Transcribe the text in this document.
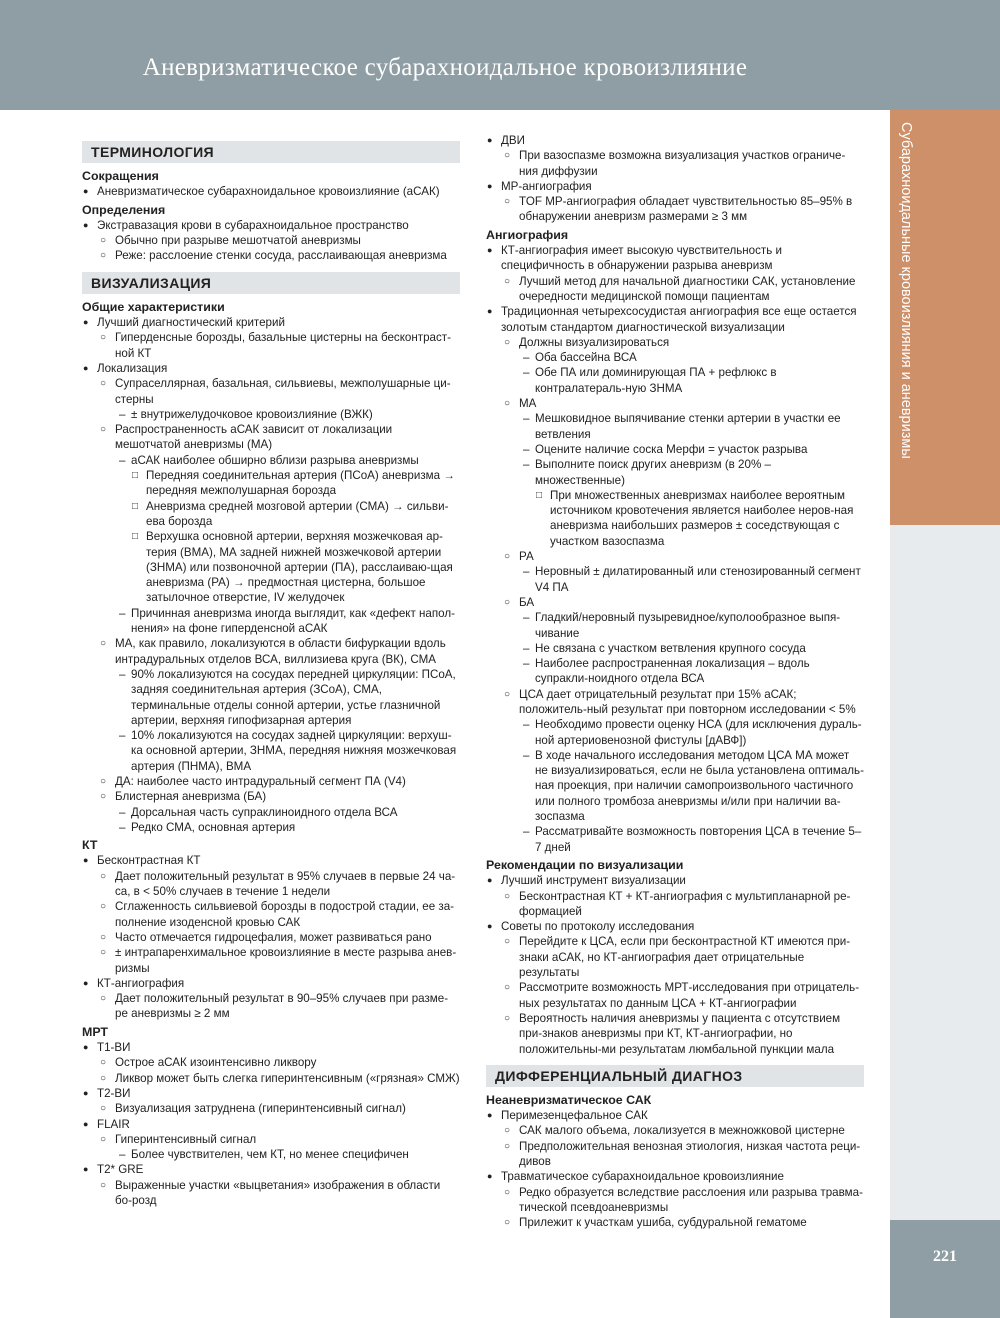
Аневризматическое субарахноидальное кровоизлияние
Субарахноидальные кровоизлияния и аневризмы
221
ТЕРМИНОЛОГИЯ
Сокращения
● Аневризматическое субарахноидальное кровоизлияние (аСАК)
Определения
● Экстравазация крови в субарахноидальное пространство
○ Обычно при разрыве мешотчатой аневризмы
○ Реже: расслоение стенки сосуда, расслаивающая аневризма
ВИЗУАЛИЗАЦИЯ
Общие характеристики
● Лучший диагностический критерий
○ Гиперденсные борозды, базальные цистерны на бесконтраст-ной КТ
● Локализация
○ Супраселлярная, базальная, сильвиевы, межполушарные ци-стерны
– ± внутрижелудочковое кровоизлияние (ВЖК)
○ Распространенность аСАК зависит от локализации мешотчатой аневризмы (МА)
– аСАК наиболее обширно вблизи разрыва аневризмы
□ Передняя соединительная артерия (ПСоА) аневризма → передняя межполушарная борозда
□ Аневризма средней мозговой артерии (СМА) → сильви-ева борозда
□ Верхушка основной артерии, верхняя мозжечковая ар-терия (ВМА), МА задней нижней мозжечковой артерии (ЗНМА) или позвоночной артерии (ПА), расслаиваю-щая аневризма (РА) → предмостная цистерна, большое затылочное отверстие, IV желудочек
– Причинная аневризма иногда выглядит, как «дефект напол-нения» на фоне гиперденсной аСАК
○ МА, как правило, локализуются в области бифуркации вдоль интрадуральных отделов ВСА, виллизиева круга (ВК), СМА
– 90% локализуются на сосудах передней циркуляции: ПСоА, задняя соединительная артерия (ЗСоА), СМА, терминальные отделы сонной артерии, устье глазничной артерии, верхняя гипофизарная артерия
– 10% локализуются на сосудах задней циркуляции: верхуш-ка основной артерии, ЗНМА, передняя нижняя мозжечковая артерия (ПНМА), ВМА
○ ДА: наиболее часто интрадуральный сегмент ПА (V4)
○ Блистерная аневризма (БА)
– Дорсальная часть супраклиноидного отдела ВСА
– Редко СМА, основная артерия
КТ
● Бесконтрастная КТ
○ Дает положительный результат в 95% случаев в первые 24 ча-са, в < 50% случаев в течение 1 недели
○ Сглаженность сильвиевой борозды в подострой стадии, ее за-полнение изоденсной кровью САК
○ Часто отмечается гидроцефалия, может развиваться рано
○ ± интрапаренхимальное кровоизлияние в месте разрыва анев-ризмы
● КТ-ангиография
○ Дает положительный результат в 90–95% случаев при разме-ре аневризмы ≥ 2 мм
МРТ
● Т1-ВИ
○ Острое аСАК изоинтенсивно ликвору
○ Ликвор может быть слегка гиперинтенсивным («грязная» СМЖ)
● Т2-ВИ
○ Визуализация затруднена (гиперинтенсивный сигнал)
● FLAIR
○ Гиперинтенсивный сигнал
– Более чувствителен, чем КТ, но менее специфичен
● Т2* GRE
○ Выраженные участки «выцветания» изображения в области бо-розд
● ДВИ
○ При вазоспазме возможна визуализация участков ограниче-ния диффузии
● МР-ангиография
○ TOF МР-ангиография обладает чувствительностью 85–95% в обнаружении аневризм размерами ≥ 3 мм
Ангиография
● КТ-ангиография имеет высокую чувствительность и специфичность в обнаружении разрыва аневризм
○ Лучший метод для начальной диагностики САК, установление очередности медицинской помощи пациентам
● Традиционная четырехсосудистая ангиография все еще остается золотым стандартом диагностической визуализации
○ Должны визуализироваться
– Оба бассейна ВСА
– Обе ПА или доминирующая ПА + рефлюкс в контралатераль-ную ЗНМА
○ МА
– Мешковидное выпячивание стенки артерии в участки ее ветвления
– Оцените наличие соска Мерфи = участок разрыва
– Выполните поиск других аневризм (в 20% – множественные)
□ При множественных аневризмах наиболее вероятным источником кровотечения является наиболее неров-ная аневризма наибольших размеров ± соседствующая с участком вазоспазма
○ РА
– Неровный ± дилатированный или стенозированный сегмент V4 ПА
○ БА
– Гладкий/неровный пузыревидное/куполообразное выпя-чивание
– Не связана с участком ветвления крупного сосуда
– Наиболее распространенная локализация – вдоль супракли-ноидного отдела ВСА
○ ЦСА дает отрицательный результат при 15% аСАК; положитель-ный результат при повторном исследовании < 5%
– Необходимо провести оценку НСА (для исключения дураль-ной артериовенозной фистулы [дАВФ])
– В ходе начального исследования методом ЦСА МА может не визуализироваться, если не была установлена оптималь-ная проекция, при наличии самопроизвольного частичного или полного тромбоза аневризмы и/или при наличии ва-зоспазма
– Рассматривайте возможность повторения ЦСА в течение 5–7 дней
Рекомендации по визуализации
● Лучший инструмент визуализации
○ Бесконтрастная КТ + КТ-ангиография с мультипланарной ре-формацией
● Советы по протоколу исследования
○ Перейдите к ЦСА, если при бесконтрастной КТ имеются при-знаки аСАК, но КТ-ангиография дает отрицательные результаты
○ Рассмотрите возможность МРТ-исследования при отрицатель-ных результатах по данным ЦСА + КТ-ангиографии
○ Вероятность наличия аневризмы у пациента с отсутствием при-знаков аневризмы при КТ, КТ-ангиографии, но положительны-ми результатам люмбальной пункции мала
ДИФФЕРЕНЦИАЛЬНЫЙ ДИАГНОЗ
Неаневризматическое САК
● Перимезенцефальное САК
○ САК малого объема, локализуется в межножковой цистерне
○ Предположительная венозная этиология, низкая частота реци-дивов
● Травматическое субарахноидальное кровоизлияние
○ Редко образуется вследствие расслоения или разрыва травма-тической псевдоаневризмы
○ Прилежит к участкам ушиба, субдуральной гематоме
